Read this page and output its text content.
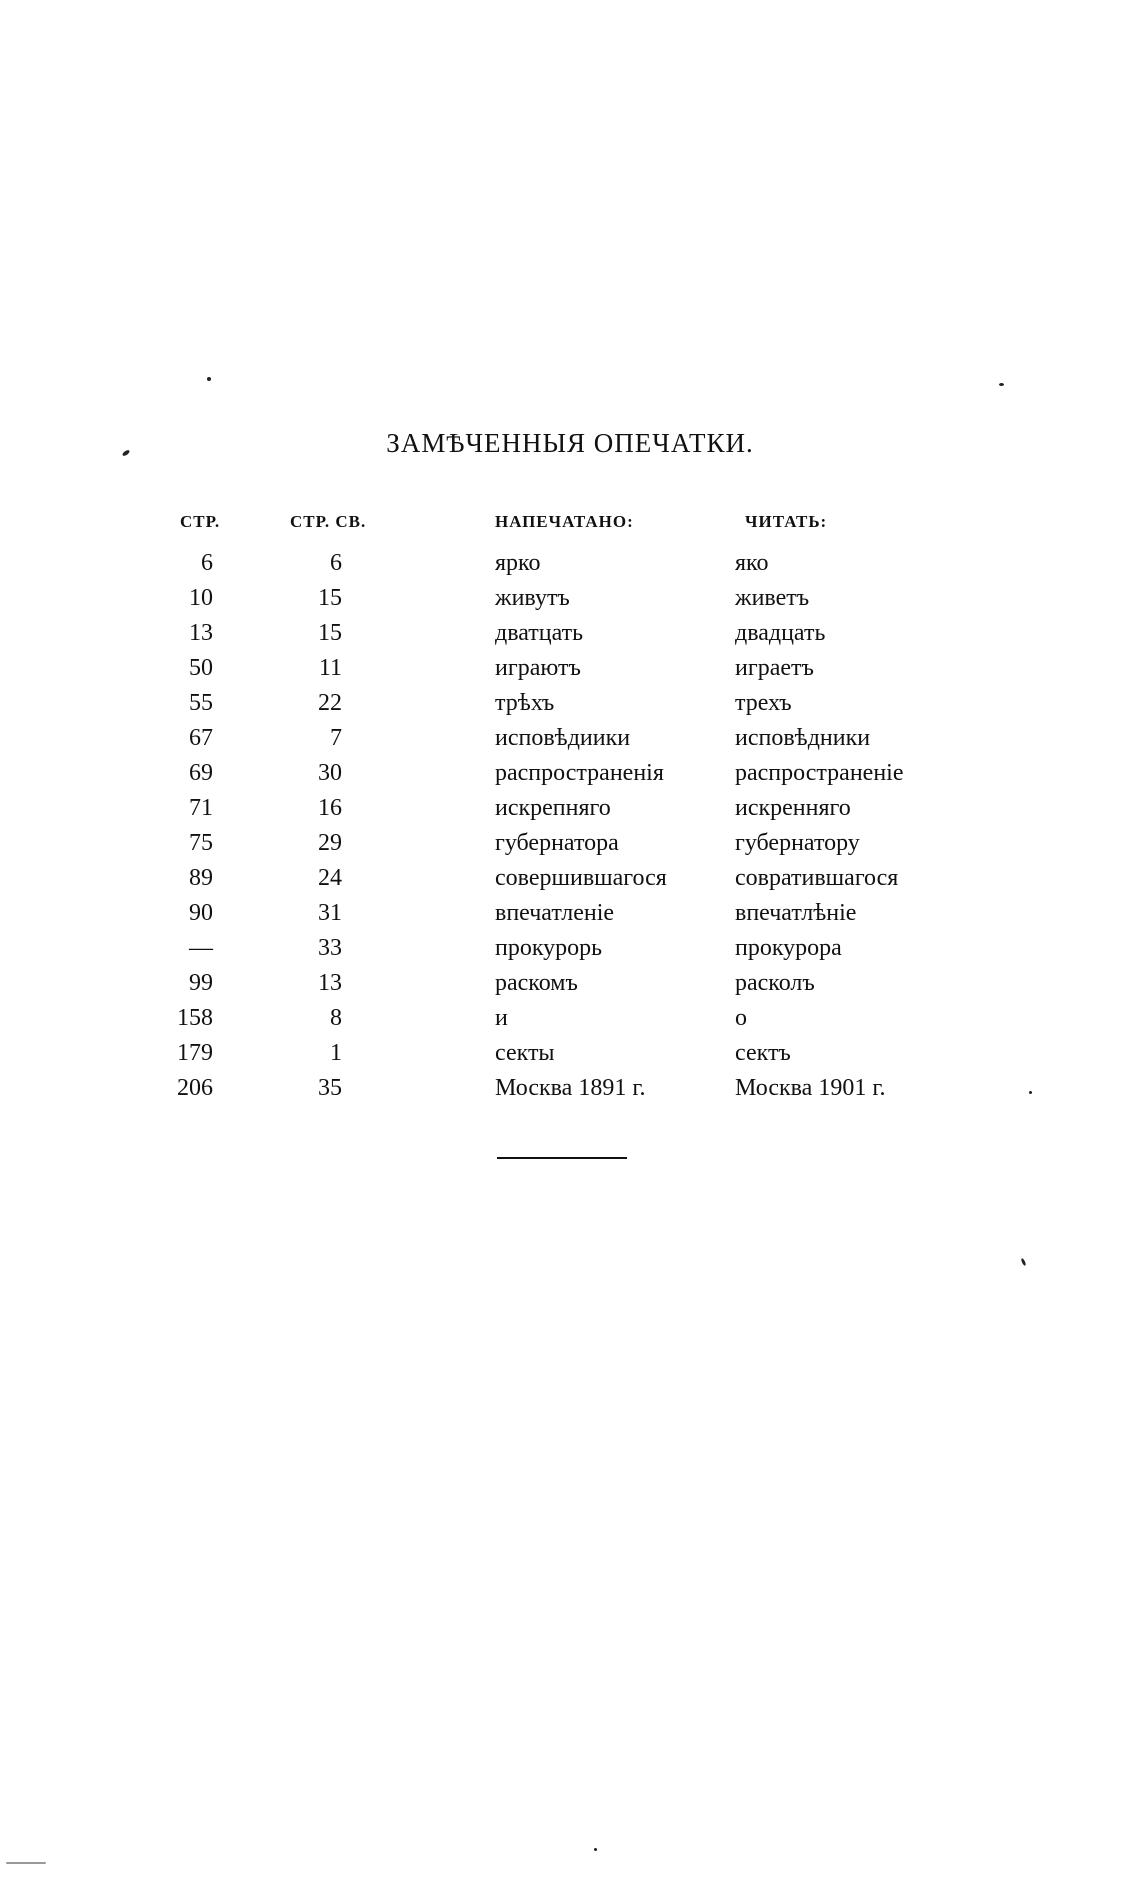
ЗАМѢЧЕННЫЯ ОПЕЧАТКИ.
СТР.	СТР. СВ.	НАПЕЧАТАНО:	ЧИТАТЬ:
6	6	ярко	яко
10	15	живутъ	живетъ
13	15	дватцать	двадцать
50	11	играютъ	играетъ
55	22	трѣхъ	трехъ
67	7	исповѣдиики	исповѣдники
69	30	распространенія	распространеніе
71	16	искрепняго	искренняго
75	29	губернатора	губернатору
89	24	совершившагося	совратившагося
90	31	впечатленіе	впечатлѣніе
—	33	прокурорь	прокурора
99	13	раскомъ	расколъ
158	8	и	о
179	1	секты	сектъ
206	35	Москва 1891 г.	Москва 1901 г.
